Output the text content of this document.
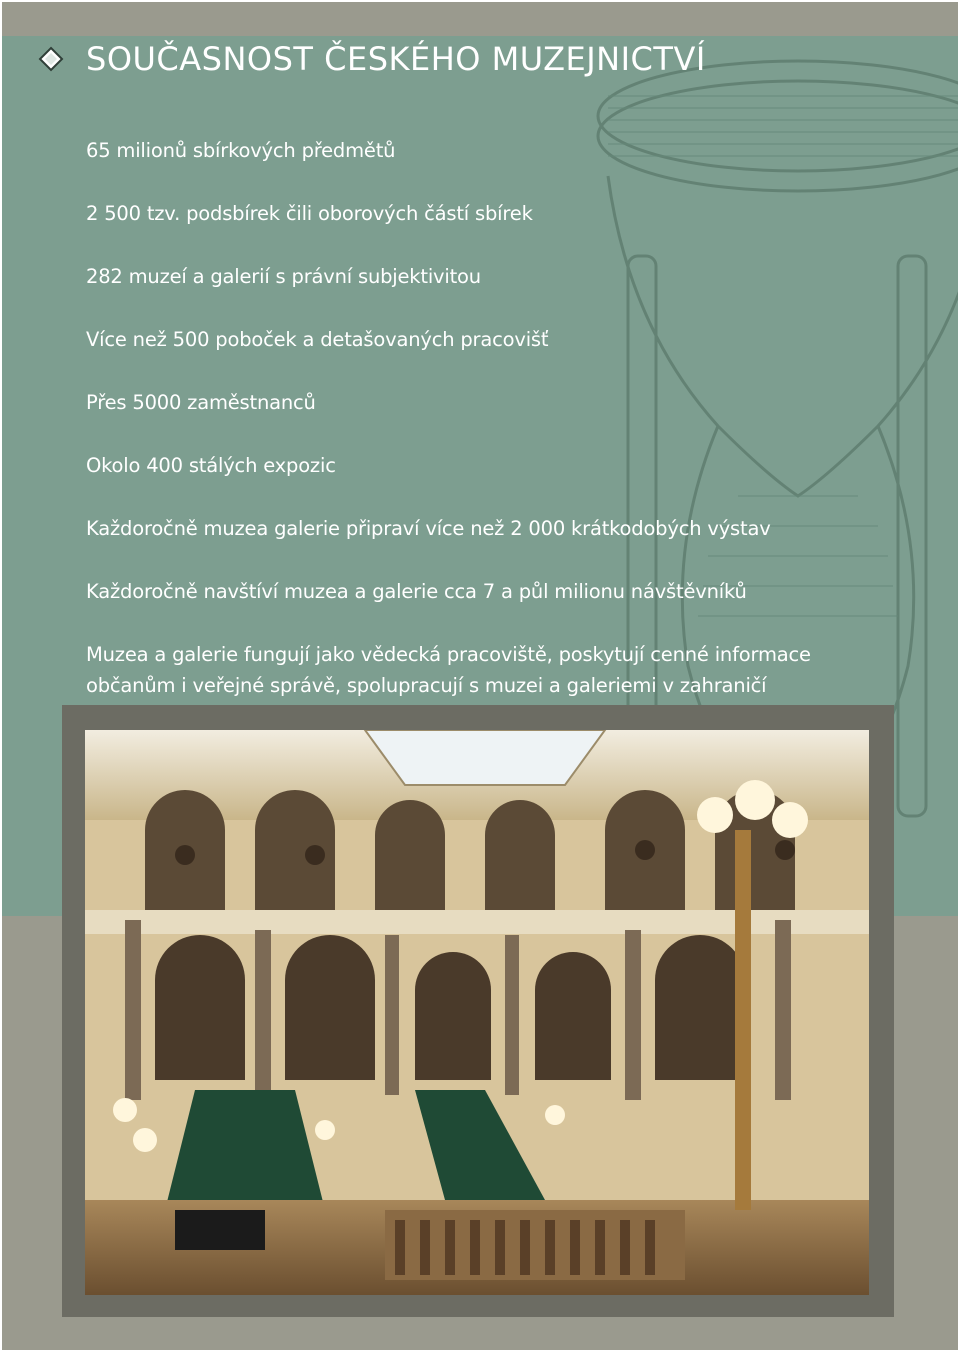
SOUČASNOST ČESKÉHO MUZEJNICTVÍ
65 milionů sbírkových předmětů
2 500 tzv. podsbírek čili oborových částí sbírek
282 muzeí a galerií s právní subjektivitou
Více než 500 poboček a detašovaných pracovišť
Přes 5000 zaměstnanců
Okolo 400 stálých expozic
Každoročně muzea galerie připraví více než 2 000 krátkodobých výstav
Každoročně navštíví muzea a galerie cca 7 a půl milionu návštěvníků
Muzea a galerie fungují jako vědecká pracoviště, poskytují cenné informace občanům i veřejné správě, spolupracují s muzei a galeriemi v zahraničí
